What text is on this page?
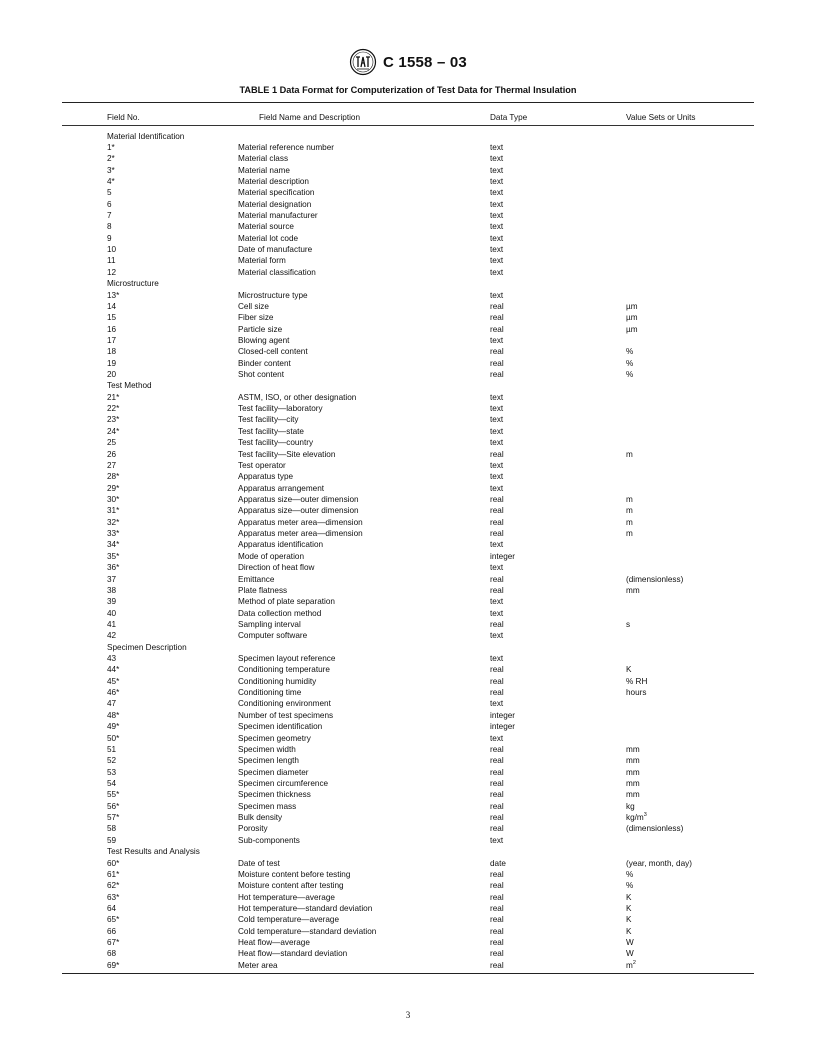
C 1558 – 03
TABLE 1 Data Format for Computerization of Test Data for Thermal Insulation
Field No.	Field Name and Description	Data Type	Value Sets or Units
Material Identification
1*	Material reference number	text
2*	Material class	text
3*	Material name	text
4*	Material description	text
5	Material specification	text
6	Material designation	text
7	Material manufacturer	text
8	Material source	text
9	Material lot code	text
10	Date of manufacture	text
11	Material form	text
12	Material classification	text
Microstructure
13*	Microstructure type	text
14	Cell size	real	µm
15	Fiber size	real	µm
16	Particle size	real	µm
17	Blowing agent	text
18	Closed-cell content	real	%
19	Binder content	real	%
20	Shot content	real	%
Test Method
21*	ASTM, ISO, or other designation	text
22*	Test facility—laboratory	text
23*	Test facility—city	text
24*	Test facility—state	text
25	Test facility—country	text
26	Test facility—Site elevation	real	m
27	Test operator	text
28*	Apparatus type	text
29*	Apparatus arrangement	text
30*	Apparatus size—outer dimension	real	m
31*	Apparatus size—outer dimension	real	m
32*	Apparatus meter area—dimension	real	m
33*	Apparatus meter area—dimension	real	m
34*	Apparatus identification	text
35*	Mode of operation	integer
36*	Direction of heat flow	text
37	Emittance	real	(dimensionless)
38	Plate flatness	real	mm
39	Method of plate separation	text
40	Data collection method	text
41	Sampling interval	real	s
42	Computer software	text
Specimen Description
43	Specimen layout reference	text
44*	Conditioning temperature	real	K
45*	Conditioning humidity	real	% RH
46*	Conditioning time	real	hours
47	Conditioning environment	text
48*	Number of test specimens	integer
49*	Specimen identification	integer
50*	Specimen geometry	text
51	Specimen width	real	mm
52	Specimen length	real	mm
53	Specimen diameter	real	mm
54	Specimen circumference	real	mm
55*	Specimen thickness	real	mm
56*	Specimen mass	real	kg
57*	Bulk density	real	$kg/m^3$
58	Porosity	real	(dimensionless)
59	Sub-components	text
Test Results and Analysis
60*	Date of test	date	(year, month, day)
61*	Moisture content before testing	real	%
62*	Moisture content after testing	real	%
63*	Hot temperature—average	real	K
64	Hot temperature—standard deviation	real	K
65*	Cold temperature—average	real	K
66	Cold temperature—standard deviation	real	K
67*	Heat flow—average	real	W
68	Heat flow—standard deviation	real	W
69*	Meter area	real	$m^2$
3
